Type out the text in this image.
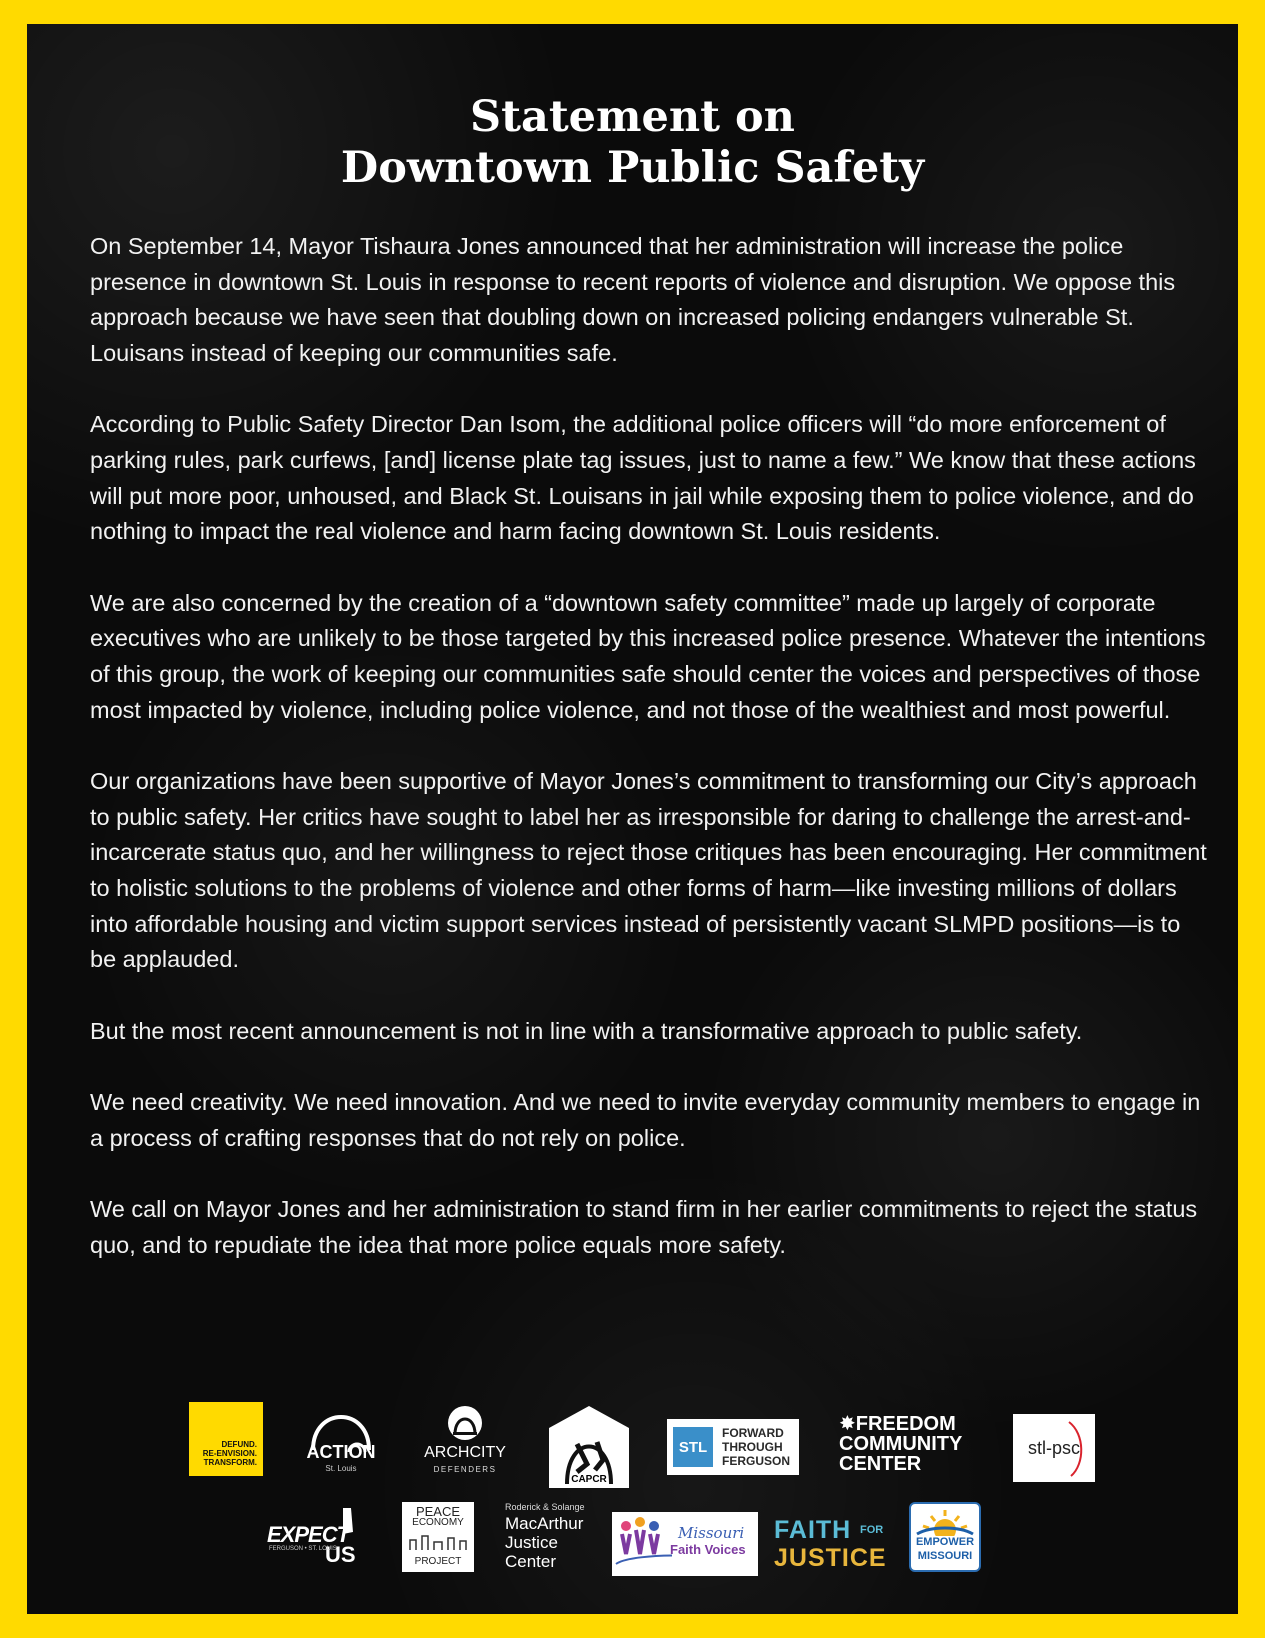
Statement on
Downtown Public Safety

On September 14, Mayor Tishaura Jones announced that her administration will increase the police presence in downtown St. Louis in response to recent reports of violence and disruption. We oppose this approach because we have seen that doubling down on increased policing endangers vulnerable St. Louisans instead of keeping our communities safe.

According to Public Safety Director Dan Isom, the additional police officers will “do more enforcement of parking rules, park curfews, [and] license plate tag issues, just to name a few.” We know that these actions will put more poor, unhoused, and Black St. Louisans in jail while exposing them to police violence, and do nothing to impact the real violence and harm facing downtown St. Louis residents.

We are also concerned by the creation of a “downtown safety committee” made up largely of corporate executives who are unlikely to be those targeted by this increased police presence. Whatever the intentions of this group, the work of keeping our communities safe should center the voices and perspectives of those most impacted by violence, including police violence, and not those of the wealthiest and most powerful.

Our organizations have been supportive of Mayor Jones’s commitment to transforming our City’s approach to public safety. Her critics have sought to label her as irresponsible for daring to challenge the arrest-and-incarcerate status quo, and her willingness to reject those critiques has been encouraging. Her commitment to holistic solutions to the problems of violence and other forms of harm—like investing millions of dollars into affordable housing and victim support services instead of persistently vacant SLMPD positions—is to be applauded.

But the most recent announcement is not in line with a transformative approach to public safety.

We need creativity. We need innovation. And we need to invite everyday community members to engage in a process of crafting responses that do not rely on police.

We call on Mayor Jones and her administration to stand firm in her earlier commitments to reject the status quo, and to repudiate the idea that more police equals more safety.

DEFUND.
RE-ENVISION.
TRANSFORM.
ACTION
St. Louis
ARCHCITY
DEFENDERS
CAPCR
STL
FORWARD
THROUGH
FERGUSON
✸FREEDOM
COMMUNITY
CENTER
stl-psc
EXPECT
US
FERGUSON • ST. LOUIS
PEACE
ECONOMY
PROJECT
Roderick & Solange
MacArthur
Justice
Center
Missouri
Faith Voices
FAITH FOR
JUSTICE
EMPOWER
MISSOURI
